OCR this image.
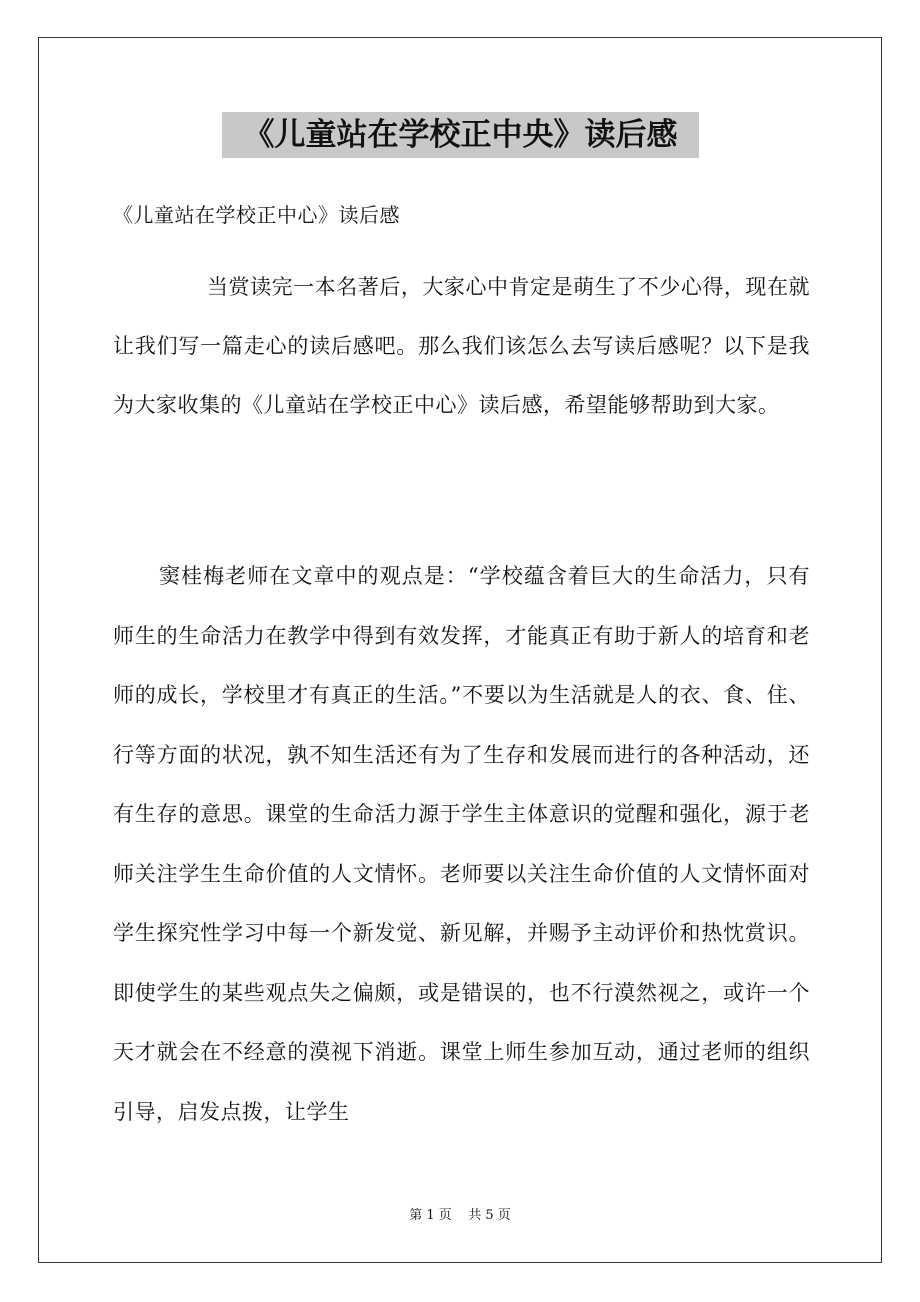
《儿童站在学校正中央》读后感
《儿童站在学校正中心》读后感
当赏读完一本名著后，大家心中肯定是萌生了不少心得，现在就让我们写一篇走心的读后感吧。那么我们该怎么去写读后感呢？以下是我为大家收集的《儿童站在学校正中心》读后感，希望能够帮助到大家。
窦桂梅老师在文章中的观点是：“学校蕴含着巨大的生命活力，只有师生的生命活力在教学中得到有效发挥，才能真正有助于新人的培育和老师的成长，学校里才有真正的生活。”不要以为生活就是人的衣、食、住、行等方面的状况，孰不知生活还有为了生存和发展而进行的各种活动，还有生存的意思。课堂的生命活力源于学生主体意识的觉醒和强化，源于老师关注学生生命价值的人文情怀。老师要以关注生命价值的人文情怀面对学生探究性学习中每一个新发觉、新见解，并赐予主动评价和热忱赏识。即使学生的某些观点失之偏颇，或是错误的，也不行漠然视之，或许一个天才就会在不经意的漠视下消逝。课堂上师生参加互动，通过老师的组织引导，启发点拨，让学生
第 1 页    共 5 页
